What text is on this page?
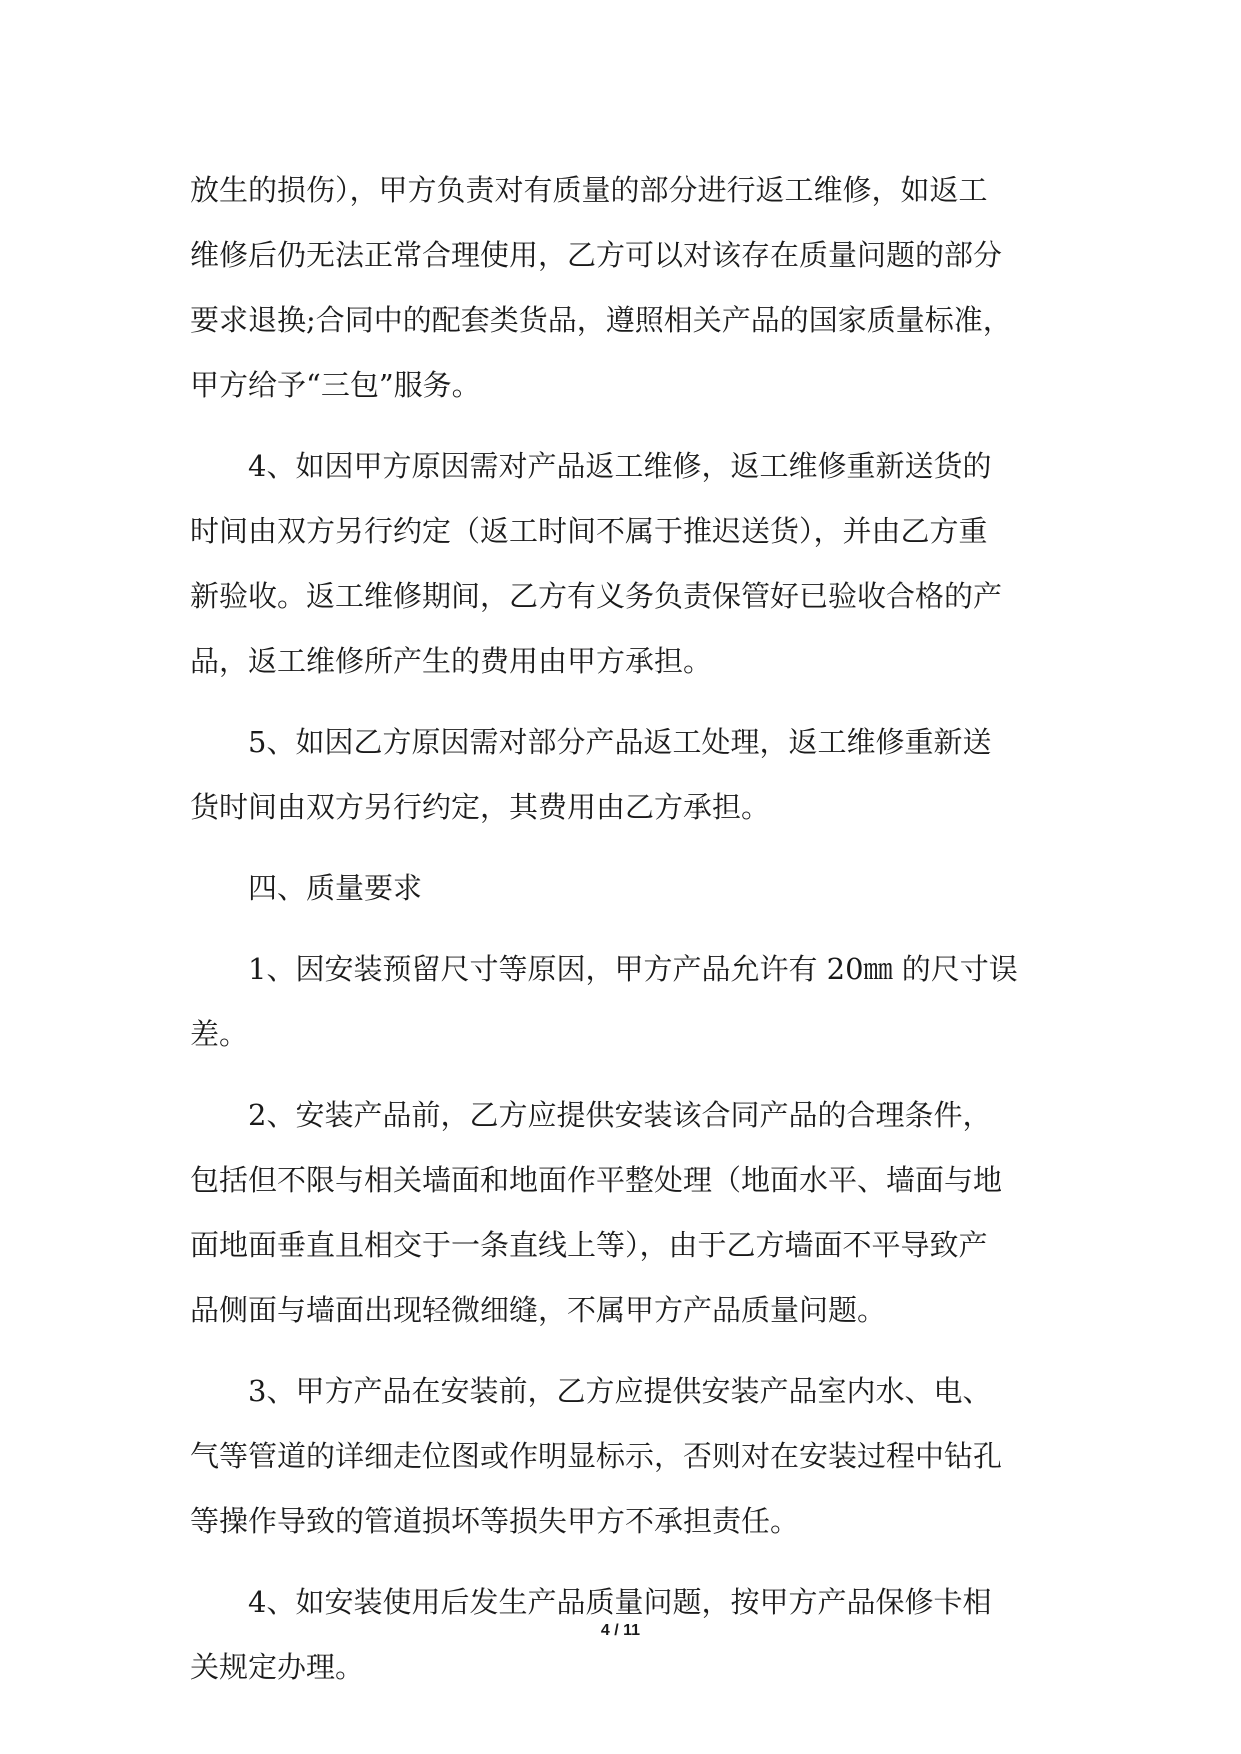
放生的损伤），甲方负责对有质量的部分进行返工维修，如返工
维修后仍无法正常合理使用，乙方可以对该存在质量问题的部分
要求退换;合同中的配套类货品，遵照相关产品的国家质量标准，
甲方给予“三包”服务。
4、如因甲方原因需对产品返工维修，返工维修重新送货的
时间由双方另行约定（返工时间不属于推迟送货），并由乙方重
新验收。返工维修期间，乙方有义务负责保管好已验收合格的产
品，返工维修所产生的费用由甲方承担。
5、如因乙方原因需对部分产品返工处理，返工维修重新送
货时间由双方另行约定，其费用由乙方承担。
四、质量要求
1、因安装预留尺寸等原因，甲方产品允许有 20㎜ 的尺寸误
差。
2、安装产品前，乙方应提供安装该合同产品的合理条件，
包括但不限与相关墙面和地面作平整处理（地面水平、墙面与地
面地面垂直且相交于一条直线上等），由于乙方墙面不平导致产
品侧面与墙面出现轻微细缝，不属甲方产品质量问题。
3、甲方产品在安装前，乙方应提供安装产品室内水、电、
气等管道的详细走位图或作明显标示，否则对在安装过程中钻孔
等操作导致的管道损坏等损失甲方不承担责任。
4、如安装使用后发生产品质量问题，按甲方产品保修卡相
关规定办理。
4 / 11
